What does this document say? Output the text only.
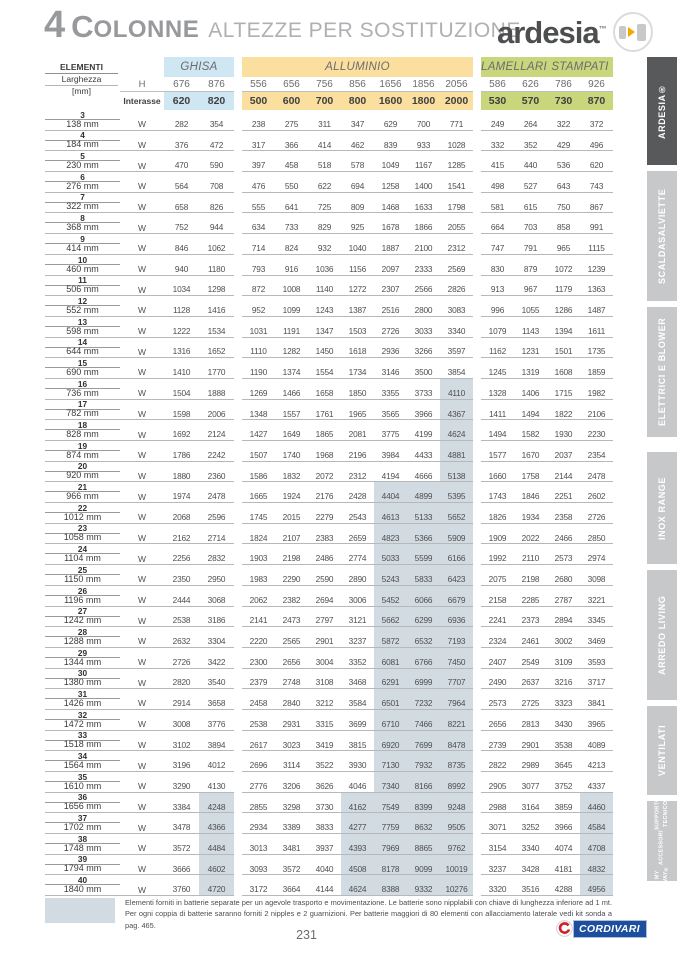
4 COLONNE ALTEZZE PER SOSTITUZIONE
ardesia™
ELEMENTI
Larghezza
[mm]
GHISA	ALLUMINIO	LAMELLARI STAMPATI
H	676	876	556	656	756	856	1656	1856	2056	586	626	786	926
Interasse	620	820	500	600	700	800	1600 1800 2000	530	570	730	870
3
138 mm	W	282	354	238	275	311	347	629	700	771	249	264	322	372
4
184 mm	W	376	472	317	366	414	462	839	933	1028	332	352	429	496
5
230 mm	W	470	590	397	458	518	578	1049	1167	1285	415	440	536	620
6
276 mm	W	564	708	476	550	622	694	1258	1400	1541	498	527	643	743
7
322 mm	W	658	826	555	641	725	809	1468	1633	1798	581	615	750	867
8
368 mm	W	752	944	634	733	829	925	1678	1866	2055	664	703	858	991
9
414 mm	W	846	1062	714	824	932	1040	1887	2100	2312	747	791	965	1115
10
460 mm	W	940	1180	793	916	1036	1156	2097	2333	2569	830	879	1072	1239
11
506 mm	W	1034	1298	872	1008	1140	1272	2307	2566	2826	913	967	1179	1363
12
552 mm	W	1128	1416	952	1099	1243	1387	2516	2800	3083	996	1055	1286	1487
13
598 mm	W	1222	1534	1031	1191	1347	1503	2726	3033	3340	1079	1143	1394	1611
14
644 mm	W	1316	1652	1110	1282	1450	1618	2936	3266	3597	1162	1231	1501	1735
15
690 mm	W	1410	1770	1190	1374	1554	1734	3146	3500	3854	1245	1319	1608	1859
16
736 mm	W	1504	1888	1269	1466	1658	1850	3355	3733	4110	1328	1406	1715	1982
17
782 mm	W	1598	2006	1348	1557	1761	1965	3565	3966	4367	1411	1494	1822	2106
18
828 mm	W	1692	2124	1427	1649	1865	2081	3775	4199	4624	1494	1582	1930	2230
19
874 mm	W	1786	2242	1507	1740	1968	2196	3984	4433	4881	1577	1670	2037	2354
20
920 mm	W	1880	2360	1586	1832	2072	2312	4194	4666	5138	1660	1758	2144	2478
21
966 mm	W	1974	2478	1665	1924	2176	2428	4404	4899	5395	1743	1846	2251	2602
22
1012 mm	W	2068	2596	1745	2015	2279	2543	4613	5133	5652	1826	1934	2358	2726
23
1058 mm	W	2162	2714	1824	2107	2383	2659	4823	5366	5909	1909	2022	2466	2850
24
1104 mm	W	2256	2832	1903	2198	2486	2774	5033	5599	6166	1992	2110	2573	2974
25
1150 mm	W	2350	2950	1983	2290	2590	2890	5243	5833	6423	2075	2198	2680	3098
26
1196 mm	W	2444	3068	2062	2382	2694	3006	5452	6066	6679	2158	2285	2787	3221
27
1242 mm	W	2538	3186	2141	2473	2797	3121	5662	6299	6936	2241	2373	2894	3345
28
1288 mm	W	2632	3304	2220	2565	2901	3237	5872	6532	7193	2324	2461	3002	3469
29
1344 mm	W	2726	3422	2300	2656	3004	3352	6081	6766	7450	2407	2549	3109	3593
30
1380 mm	W	2820	3540	2379	2748	3108	3468	6291	6999	7707	2490	2637	3216	3717
31
1426 mm	W	2914	3658	2458	2840	3212	3584	6501	7232	7964	2573	2725	3323	3841
32
1472 mm	W	3008	3776	2538	2931	3315	3699	6710	7466	8221	2656	2813	3430	3965
33
1518 mm	W	3102	3894	2617	3023	3419	3815	6920	7699	8478	2739	2901	3538	4089
34
1564 mm	W	3196	4012	2696	3114	3522	3930	7130	7932	8735	2822	2989	3645	4213
35
1610 mm	W	3290	4130	2776	3206	3626	4046	7340	8166	8992	2905	3077	3752	4337
36
1656 mm	W	3384	4248	2855	3298	3730	4162	7549	8399	9248	2988	3164	3859	4460
37
1702 mm	W	3478	4366	2934	3389	3833	4277	7759	8632	9505	3071	3252	3966	4584
38
1748 mm	W	3572	4484	3013	3481	3937	4393	7969	8865	9762	3154	3340	4074	4708
39
1794 mm	W	3666	4602	3093	3572	4040	4508	8178	9099	10019	3237	3428	4181	4832
40
1840 mm	W	3760	4720	3172	3664	4144	4624	8388	9332	10276	3320	3516	4288	4956
Elementi forniti in batterie separate per un agevole trasporto e movimentazione. Le batterie sono nipplabili con chiave di lunghezza inferiore ad 1 mt. Per ogni coppia di batterie saranno forniti 2 nipples e 2 guarnizioni. Per batterie maggiori di 80 elementi con allacciamento laterale vedi kit sonda a pag. 465.
231	CORDIVARI
ARDESIA®
SCALDASALVIETTE
ELETTRICI E BLOWER
INOX RANGE
ARREDO LIVING
VENTILATI
MY WAY®
ACCESSORI
SUPPORTO TECNICO
